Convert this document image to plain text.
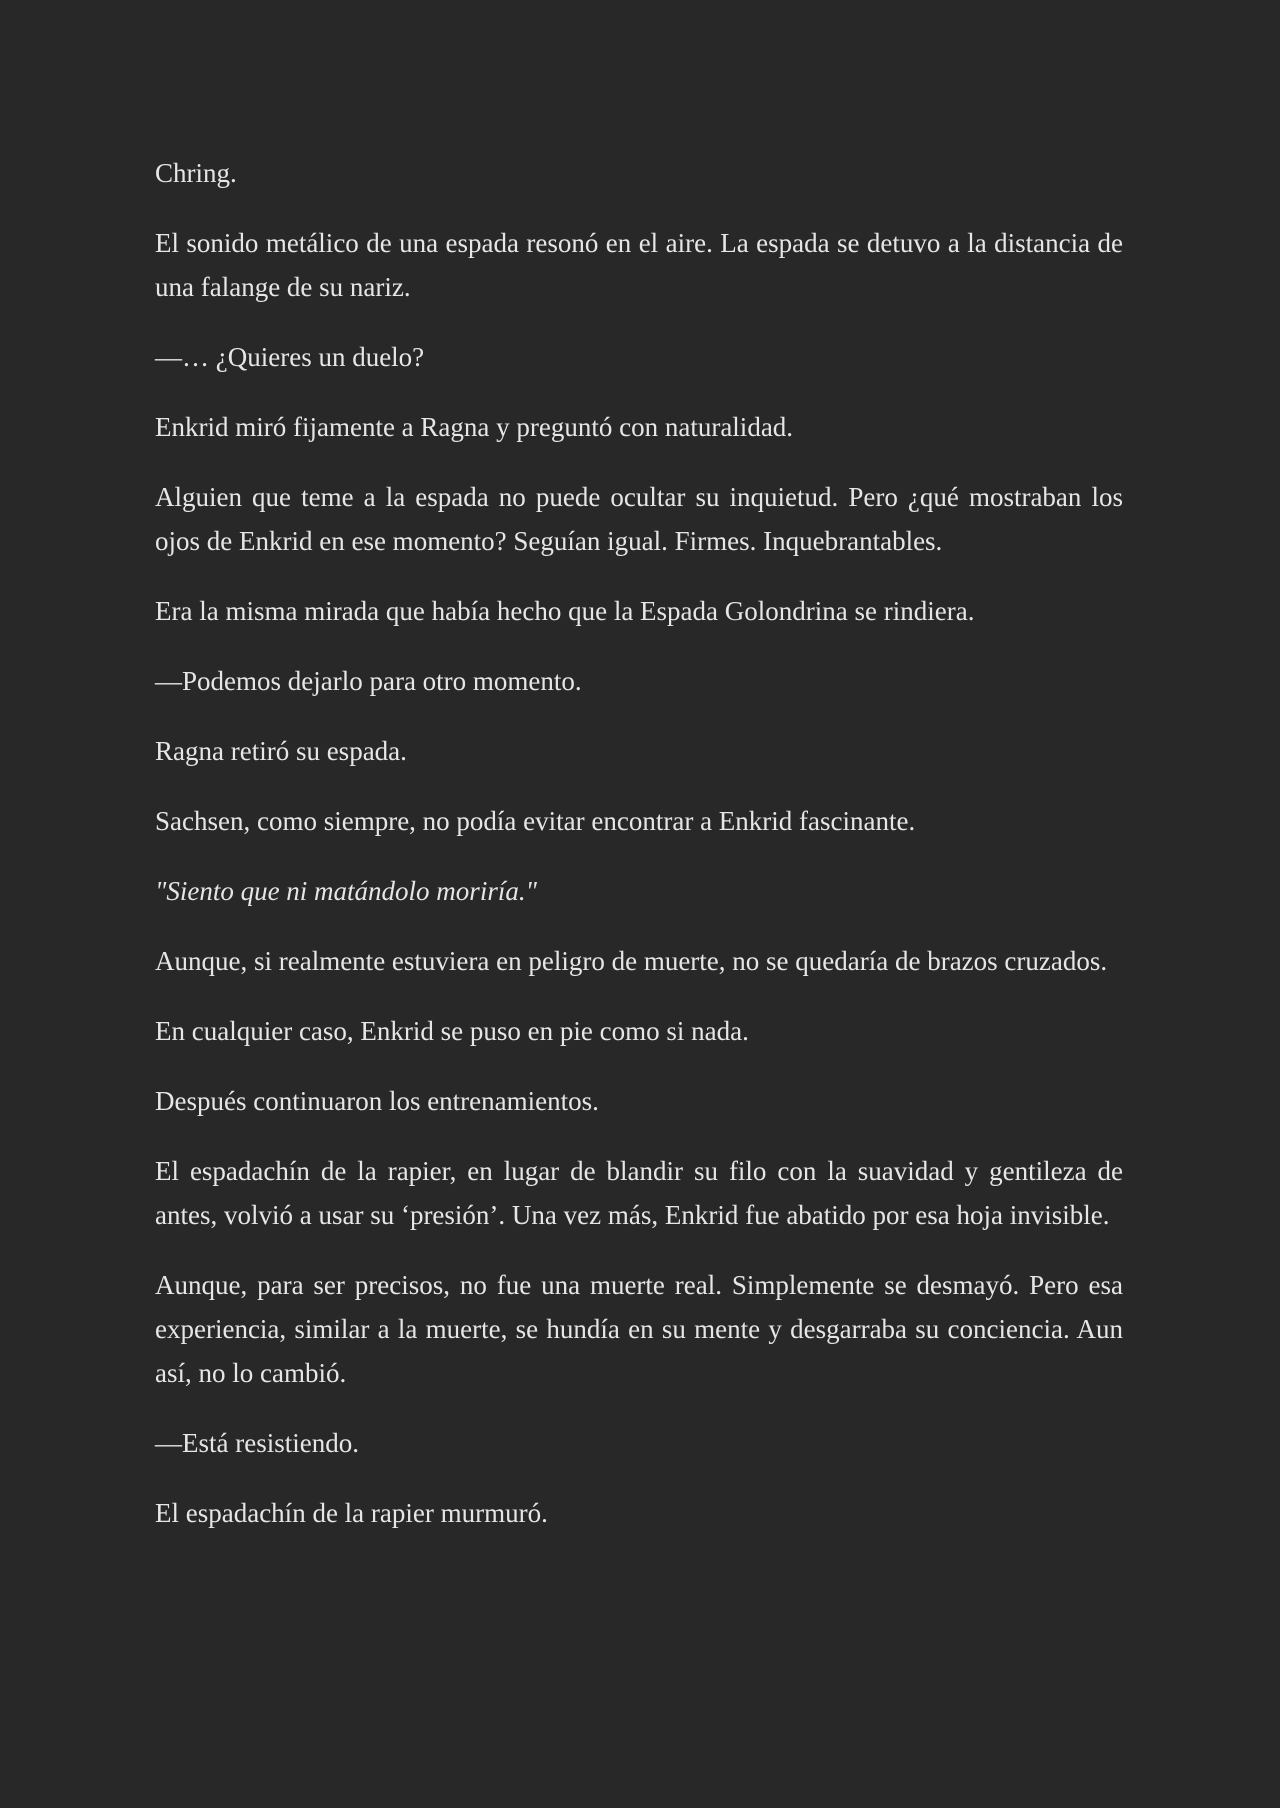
Chring.

El sonido metálico de una espada resonó en el aire. La espada se detuvo a la distancia de una falange de su nariz.

—… ¿Quieres un duelo?

Enkrid miró fijamente a Ragna y preguntó con naturalidad.

Alguien que teme a la espada no puede ocultar su inquietud. Pero ¿qué mostraban los ojos de Enkrid en ese momento? Seguían igual. Firmes. Inquebrantables.

Era la misma mirada que había hecho que la Espada Golondrina se rindiera.

—Podemos dejarlo para otro momento.

Ragna retiró su espada.

Sachsen, como siempre, no podía evitar encontrar a Enkrid fascinante.

"Siento que ni matándolo moriría."

Aunque, si realmente estuviera en peligro de muerte, no se quedaría de brazos cruzados.

En cualquier caso, Enkrid se puso en pie como si nada.

Después continuaron los entrenamientos.

El espadachín de la rapier, en lugar de blandir su filo con la suavidad y gentileza de antes, volvió a usar su ‘presión’. Una vez más, Enkrid fue abatido por esa hoja invisible.

Aunque, para ser precisos, no fue una muerte real. Simplemente se desmayó. Pero esa experiencia, similar a la muerte, se hundía en su mente y desgarraba su conciencia. Aun así, no lo cambió.

—Está resistiendo.

El espadachín de la rapier murmuró.
